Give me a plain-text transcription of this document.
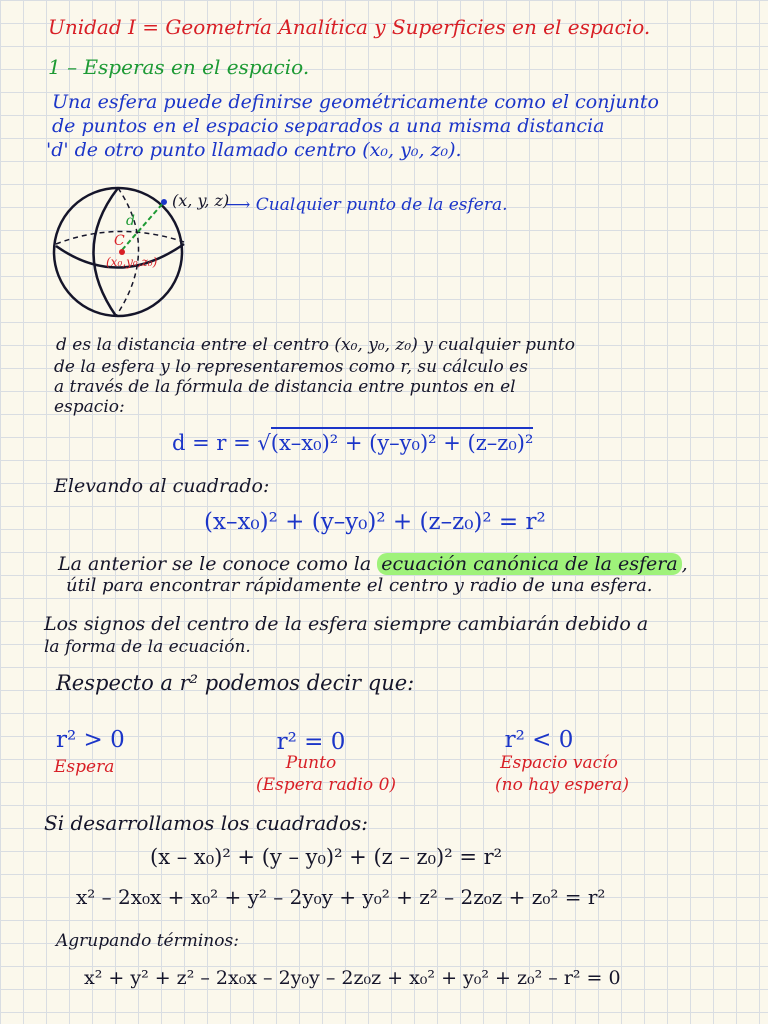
Unidad I = Geometría Analítica y Superficies en el espacio.
1 – Esperas en el espacio.
Una esfera puede definirse geométricamente como el conjunto
de puntos en el espacio separados a una misma distancia
'd' de otro punto llamado centro (x₀, y₀, z₀).
(x, y, z)
⟶ Cualquier punto de la esfera.
d
C
(x₀,y₀,z₀)
d es la distancia entre el centro (x₀, y₀, z₀) y cualquier punto
de la esfera y lo representaremos como r, su cálculo es
a través de la fórmula de distancia entre puntos en el
espacio:
d = r = √(x–x₀)² + (y–y₀)² + (z–z₀)²
Elevando al cuadrado:
(x–x₀)² + (y–y₀)² + (z–z₀)² = r²
La anterior se le conoce como la ecuación canónica de la esfera ,
útil para encontrar rápidamente el centro y radio de una esfera.
Los signos del centro de la esfera siempre cambiarán debido a
la forma de la ecuación.
Respecto a r² podemos decir que:
r² > 0
Espera
r² = 0
Punto
(Espera radio 0)
r² < 0
Espacio vacío
(no hay espera)
Si desarrollamos los cuadrados:
(x – x₀)² + (y – y₀)² + (z – z₀)² = r²
x² – 2x₀x + x₀² + y² – 2y₀y + y₀² + z² – 2z₀z + z₀² = r²
Agrupando términos:
x² + y² + z² – 2x₀x – 2y₀y – 2z₀z + x₀² + y₀² + z₀² – r² = 0
